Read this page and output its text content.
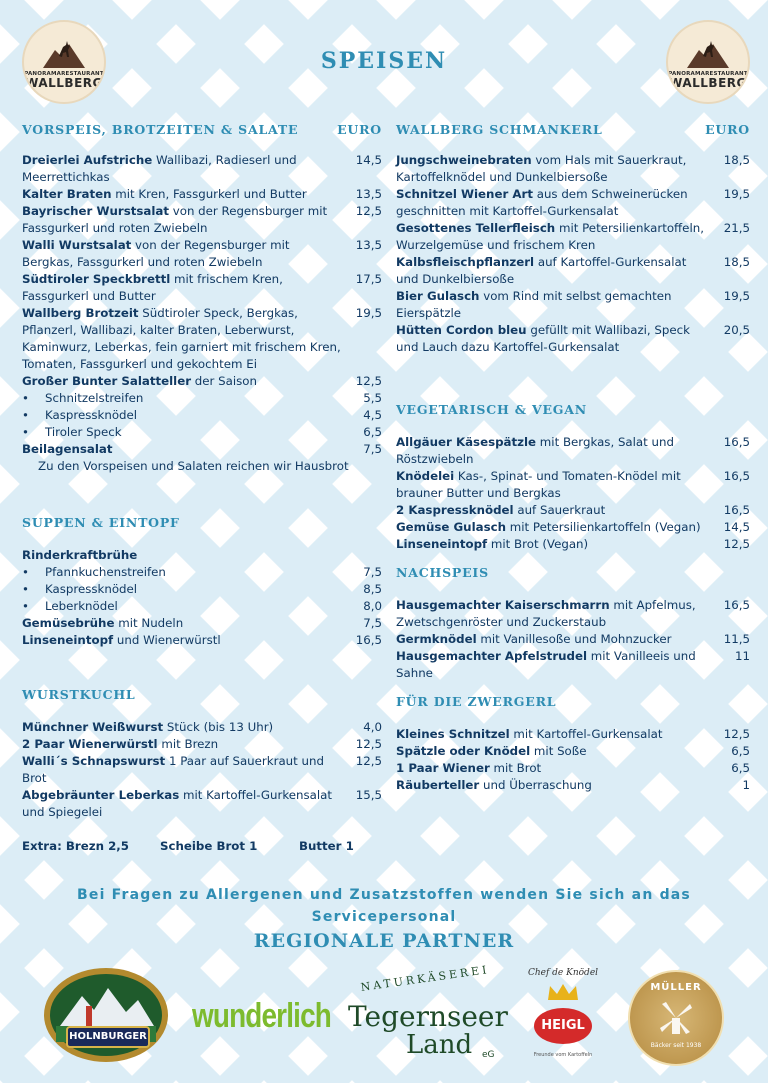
PANORAMARESTAURANT
WALLBERG
PANORAMARESTAURANT
WALLBERG
SPEISEN
VORSPEIS, BROTZEITEN & SALATE	EURO
Dreierlei Aufstriche Wallibazi, Radieserl und Meerrettichkas
14,5
Kalter Braten mit Kren, Fassgurkerl und Butter	13,5
Bayrischer Wurstsalat von der Regensburger mit Fassgurkerl und roten Zwiebeln
12,5
Walli Wurstsalat von der Regensburger mit Bergkas, Fassgurkerl und roten Zwiebeln
13,5
Südtiroler Speckbrettl mit frischem Kren, Fassgurkerl und Butter
17,5
Wallberg Brotzeit Südtiroler Speck, Bergkas, Pflanzerl, Wallibazi, kalter Braten, Leberwurst, Kaminwurz, Leberkas, fein garniert mit frischem Kren, Tomaten, Fassgurkerl und gekochtem Ei
19,5
Großer Bunter Salatteller der Saison	12,5
• Schnitzelstreifen	5,5
• Kaspressknödel	4,5
• Tiroler Speck	6,5
Beilagensalat	7,5
Zu den Vorspeisen und Salaten reichen wir Hausbrot
SUPPEN & EINTOPF
Rinderkraftbrühe
• Pfannkuchenstreifen	7,5
• Kaspressknödel	8,5
• Leberknödel	8,0
Gemüsebrühe mit Nudeln	7,5
Linseneintopf und Wienerwürstl	16,5
WURSTKUCHL
Münchner Weißwurst Stück (bis 13 Uhr)	4,0
2 Paar Wienerwürstl mit Brezn	12,5
Walli´s Schnapswurst 1 Paar auf Sauerkraut und Brot
12,5
Abgebräunter Leberkas mit Kartoffel-Gurkensalat und Spiegelei
15,5
Extra: Brezn 2,5	Scheibe Brot 1	Butter 1
WALLBERG SCHMANKERL	EURO
Jungschweinebraten vom Hals mit Sauerkraut, Kartoffelknödel und Dunkelbiersoße
18,5
Schnitzel Wiener Art aus dem Schweinerücken geschnitten mit Kartoffel-Gurkensalat
19,5
Gesottenes Tellerfleisch mit Petersilienkartoffeln, Wurzelgemüse und frischem Kren
21,5
Kalbsfleischpflanzerl auf Kartoffel-Gurkensalat und Dunkelbiersoße
18,5
Bier Gulasch vom Rind mit selbst gemachten Eierspätzle
19,5
Hütten Cordon bleu gefüllt mit Wallibazi, Speck und Lauch dazu Kartoffel-Gurkensalat
20,5
VEGETARISCH & VEGAN
Allgäuer Käsespätzle mit Bergkas, Salat und Röstzwiebeln
16,5
Knödelei Kas-, Spinat- und Tomaten-Knödel mit brauner Butter und Bergkas
16,5
2 Kaspressknödel auf Sauerkraut	16,5
Gemüse Gulasch mit Petersilienkartoffeln (Vegan)	14,5
Linseneintopf mit Brot (Vegan)	12,5
NACHSPEIS
Hausgemachter Kaiserschmarrn mit Apfelmus, Zwetschgenröster und Zuckerstaub
16,5
Germknödel mit Vanillesoße und Mohnzucker	11,5
Hausgemachter Apfelstrudel mit Vanilleeis und Sahne
11
FÜR DIE ZWERGERL
Kleines Schnitzel mit Kartoffel-Gurkensalat	12,5
Spätzle oder Knödel mit Soße	6,5
1 Paar Wiener mit Brot	6,5
Räuberteller und Überraschung	1
Bei Fragen zu Allergenen und Zusatzstoffen wenden Sie sich an das
Servicepersonal
REGIONALE PARTNER
HOLNBURGER
wunderlich
NATURKÄSEREI
Tegernseer
Land eG
Chef de Knödel
HEIGL
Freunde vom Kartoffeln
MÜLLER
Bäcker seit 1938
